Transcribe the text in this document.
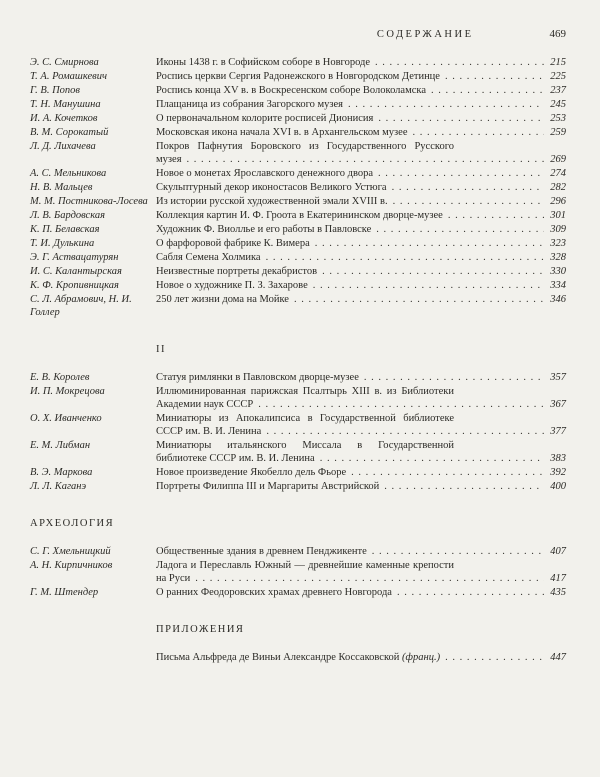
СОДЕРЖАНИЕ	469
Э. С. Смирнова	Иконы 1438 г. в Софийском соборе в Новгороде . . .	215
Т. А. Ромашкевич	Роспись церкви Сергия Радонежского в Новгородском Детинце . . .	225
Г. В. Попов	Роспись конца XV в. в Воскресенском соборе Волоколамска . . .	237
Т. Н. Манушина	Плащаница из собрания Загорского музея . . .	245
И. А. Кочетков	О первоначальном колорите росписей Дионисия . . .	253
В. М. Сорокатый	Московская икона начала XVI в. в Архангельском музее . . .	259
Л. Д. Лихачева	Покров Пафнутия Боровского из Государственного Русского музея . . .	269
А. С. Мельникова	Новое о монетах Ярославского денежного двора . . .	274
Н. В. Мальцев	Скульптурный декор иконостасов Великого Устюга . . .	282
М. М. Постникова-Лосева Из истории русской художественной эмали XVIII в. . . .	296
Л. В. Бардовская	Коллекция картин И. Ф. Гроота в Екатерининском дворце-музее . . .	301
К. П. Белавская	Художник Ф. Виоллье и его работы в Павловске . . .	309
Т. И. Дулькина	О фарфоровой фабрике К. Вимера . . .	323
Э. Г. Аствацатурян	Сабля Семена Холмика . . .	328
И. С. Калантырская	Неизвестные портреты декабристов . . .	330
К. Ф. Кропивницкая	Новое о художнике П. З. Захарове . . .	334
С. Л. Абрамович, Н. И. Голлер
250 лет жизни дома на Мойке . . .	346
II
Е. В. Королев	Статуя римлянки в Павловском дворце-музее . . .	357
И. П. Мокрецова	Иллюминированная парижская Псалтырь XIII в. из Библиотеки Академии наук СССР . . .	367
О. Х. Иванченко	Миниатюры из Апокалипсиса в Государственной библиотеке СССР им. В. И. Ленина . . .	377
Е. М. Либман	Миниатюры итальянского Миссала в Государственной библиотеке СССР им. В. И. Ленина . . .	383
В. Э. Маркова	Новое произведение Якобелло дель Фьоре . . .	392
Л. Л. Каганэ	Портреты Филиппа III и Маргариты Австрийской . . .	400
АРХЕОЛОГИЯ
С. Г. Хмельницкий	Общественные здания в древнем Пенджикенте . . .	407
А. Н. Кирпичников	Ладога и Переславль Южный — древнейшие каменные крепости на Руси . . .	417
Г. М. Штендер	О ранних Феодоровских храмах древнего Новгорода . . .	435
ПРИЛОЖЕНИЯ
Письма Альфреда де Виньи Александре Коссаковской (франц.) . . .	447
